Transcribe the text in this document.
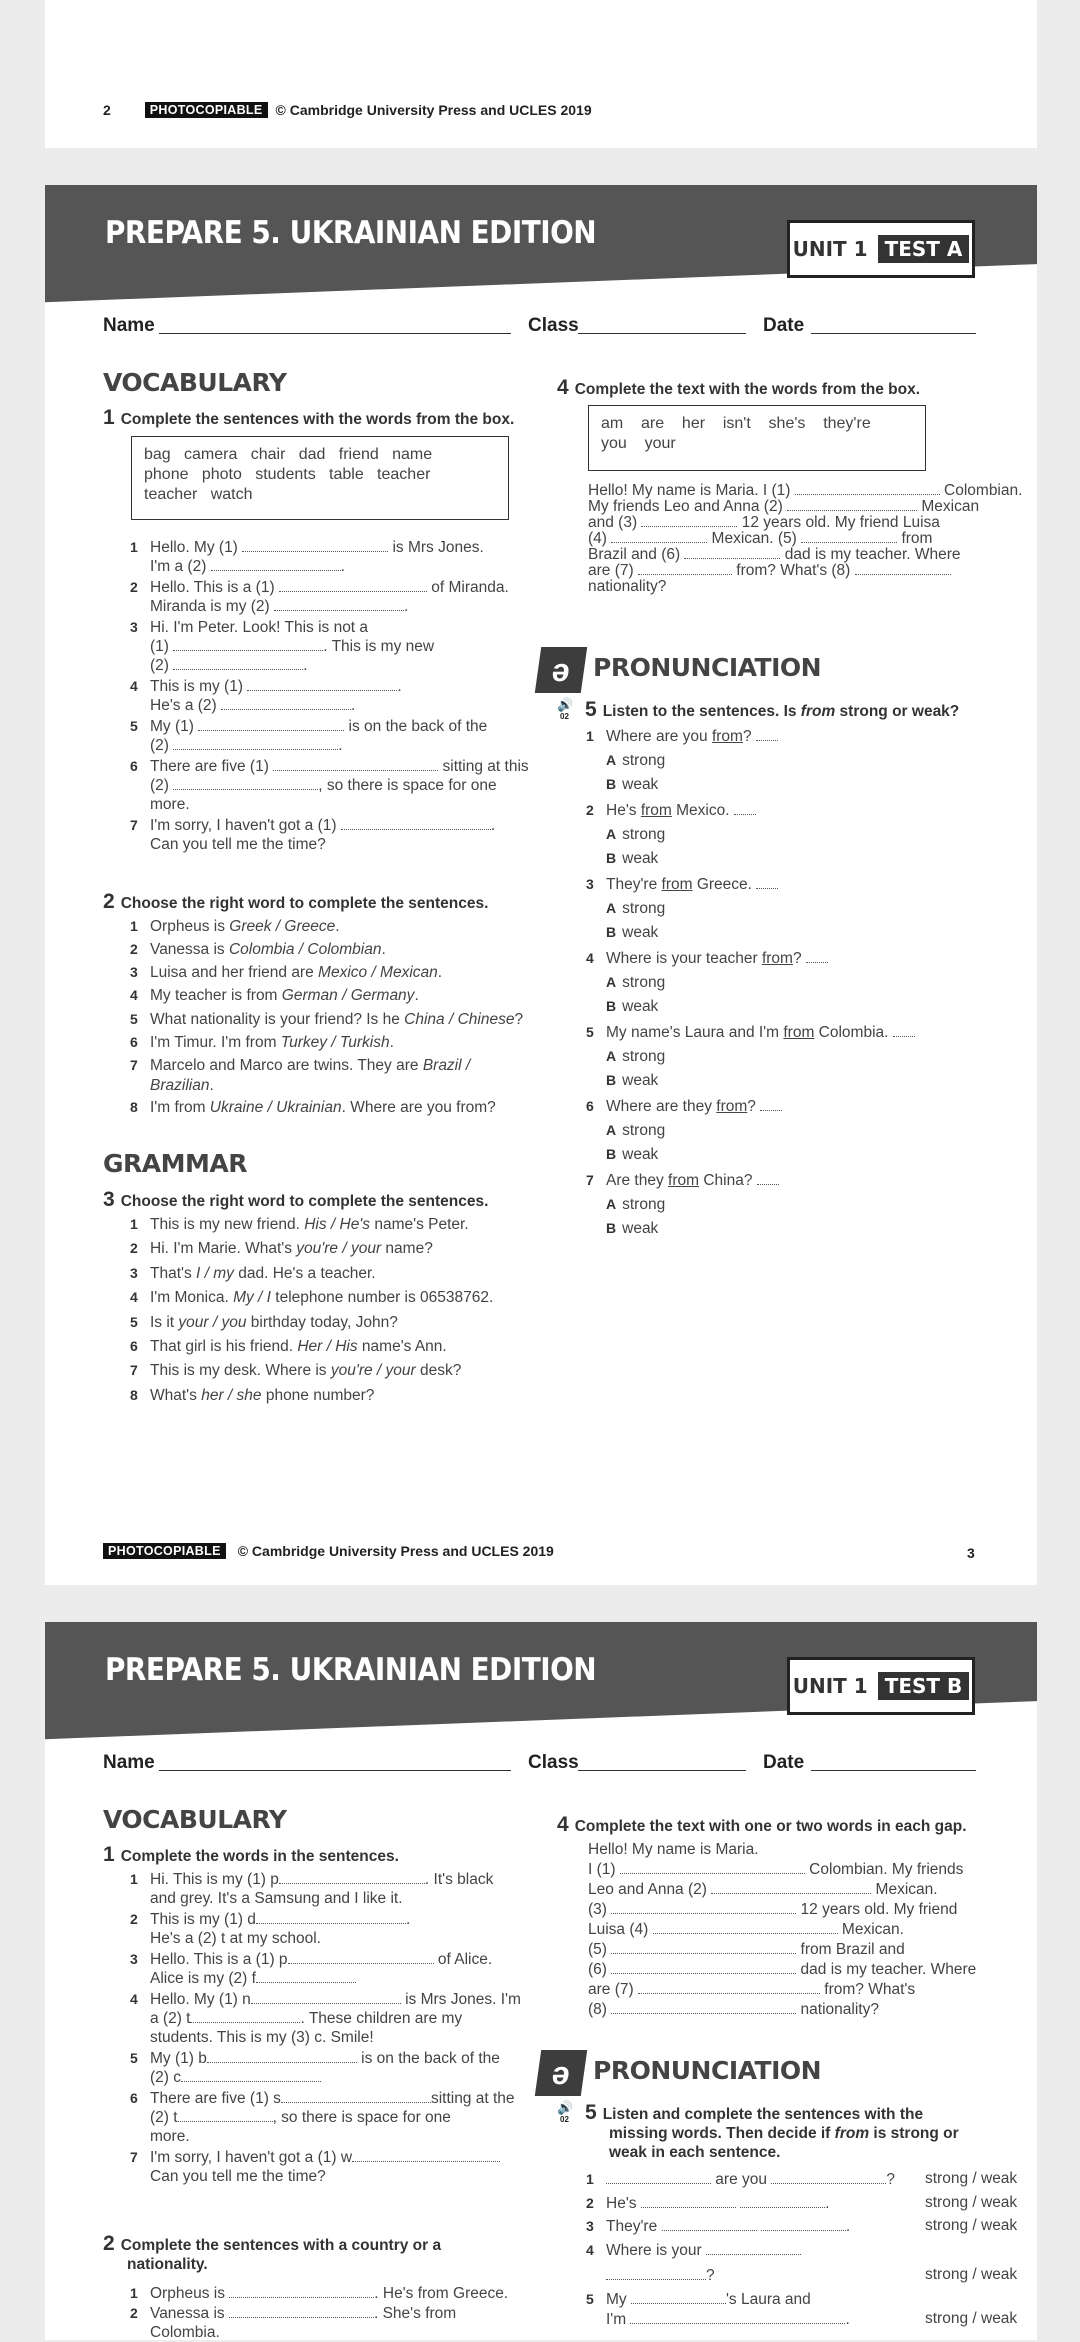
2	PHOTOCOPIABLE © Cambridge University Press and UCLES 2019
PREPARE 5. UKRAINIAN EDITION	UNIT 1 TEST A
Name	Class	Date
VOCABULARY
1 Complete the sentences with the words from the box.
bag   camera   chair   dad   friend   name
phone   photo   students   table   teacher
teacher   watch
2 Choose the right word to complete the sentences.
GRAMMAR
3 Choose the right word to complete the sentences.
4 Complete the text with the words from the box.
am    are    her    isn't    she's    they're
you    your
ə PRONUNCIATION
🔊
$^{02}$ 5 Listen to the sentences. Is from strong or weak?
PHOTOCOPIABLE	© Cambridge University Press and UCLES 2019	3
1 Hello. My (1)	is Mrs Jones.
I'm a (2)	.
2 Hello. This is a (1)	of Miranda.
Miranda is my (2)	.
3 Hi. I'm Peter. Look! This is not a
(1)	. This is my new
(2)	.
4 This is my (1)	.
He's a (2)	.
5 My (1)	is on the back of the
(2)	.
6 There are five (1)	sitting at this
(2)	, so there is space for one
more.
7 I'm sorry, I haven't got a (1)	.
Can you tell me the time?
1 Orpheus is Greek / Greece.
2 Vanessa is Colombia / Colombian.
3 Luisa and her friend are Mexico / Mexican.
4 My teacher is from German / Germany.
5 What nationality is your friend? Is he China / Chinese?
6 I'm Timur. I'm from Turkey / Turkish.
7 Marcelo and Marco are twins. They are Brazil /
Brazilian.
8 I'm from Ukraine / Ukrainian. Where are you from?
1 This is my new friend. His / He's name's Peter.
2 Hi. I'm Marie. What's you're / your name?
3 That's I / my dad. He's a teacher.
4 I'm Monica. My / I telephone number is 06538762.
5 Is it your / you birthday today, John?
6 That girl is his friend. Her / His name's Ann.
7 This is my desk. Where is you're / your desk?
8 What's her / she phone number?
Hello! My name is Maria. I (1)	Colombian.
My friends Leo and Anna (2)	Mexican
and (3)	12 years old. My friend Luisa
(4)	Mexican. (5)	from
Brazil and (6)	dad is my teacher. Where
are (7)	from? What's (8)
nationality?
1 Where are you from?
A strong
B weak
2 He's from Mexico.
A strong
B weak
3 They're from Greece.
A strong
B weak
4 Where is your teacher from?
A strong
B weak
5 My name's Laura and I'm from Colombia.
A strong
B weak
6 Where are they from?
A strong
B weak
7 Are they from China?
A strong
B weak
PREPARE 5. UKRAINIAN EDITION	UNIT 1 TEST B
Name	Class	Date
VOCABULARY
1 Complete the words in the sentences.
2 Complete the sentences with a country or a
nationality.
4 Complete the text with one or two words in each gap.
ə PRONUNCIATION
🔊
$^{02}$ 5 Listen and complete the sentences with the
missing words. Then decide if from is strong or
weak in each sentence.
1 Hi. This is my (1) p	. It's black
and grey. It's a Samsung and I like it.
2 This is my (1) d	.
He's a (2) t at my school.
3 Hello. This is a (1) p	of Alice.
Alice is my (2) f
4 Hello. My (1) n	is Mrs Jones. I'm
a (2) t	. These children are my
students. This is my (3) c. Smile!
5 My (1) b	is on the back of the
(2) c
6 There are five (1) s	sitting at the
(2) t	, so there is space for one
more.
7 I'm sorry, I haven't got a (1) w
Can you tell me the time?
1 Orpheus is	. He's from Greece.
2 Vanessa is	. She's from
Colombia.
Hello! My name is Maria.
I (1)	Colombian. My friends
Leo and Anna (2)	Mexican.
(3)	12 years old. My friend
Luisa (4)	Mexican.
(5)	from Brazil and
(6)	dad is my teacher. Where
are (7)	from? What's
(8)	nationality?
1	are you	? strong / weak
2 He's	.	strong / weak
3 They're	.	strong / weak
4 Where is your
?	strong / weak
5 My	's Laura and
I'm	.	strong / weak
